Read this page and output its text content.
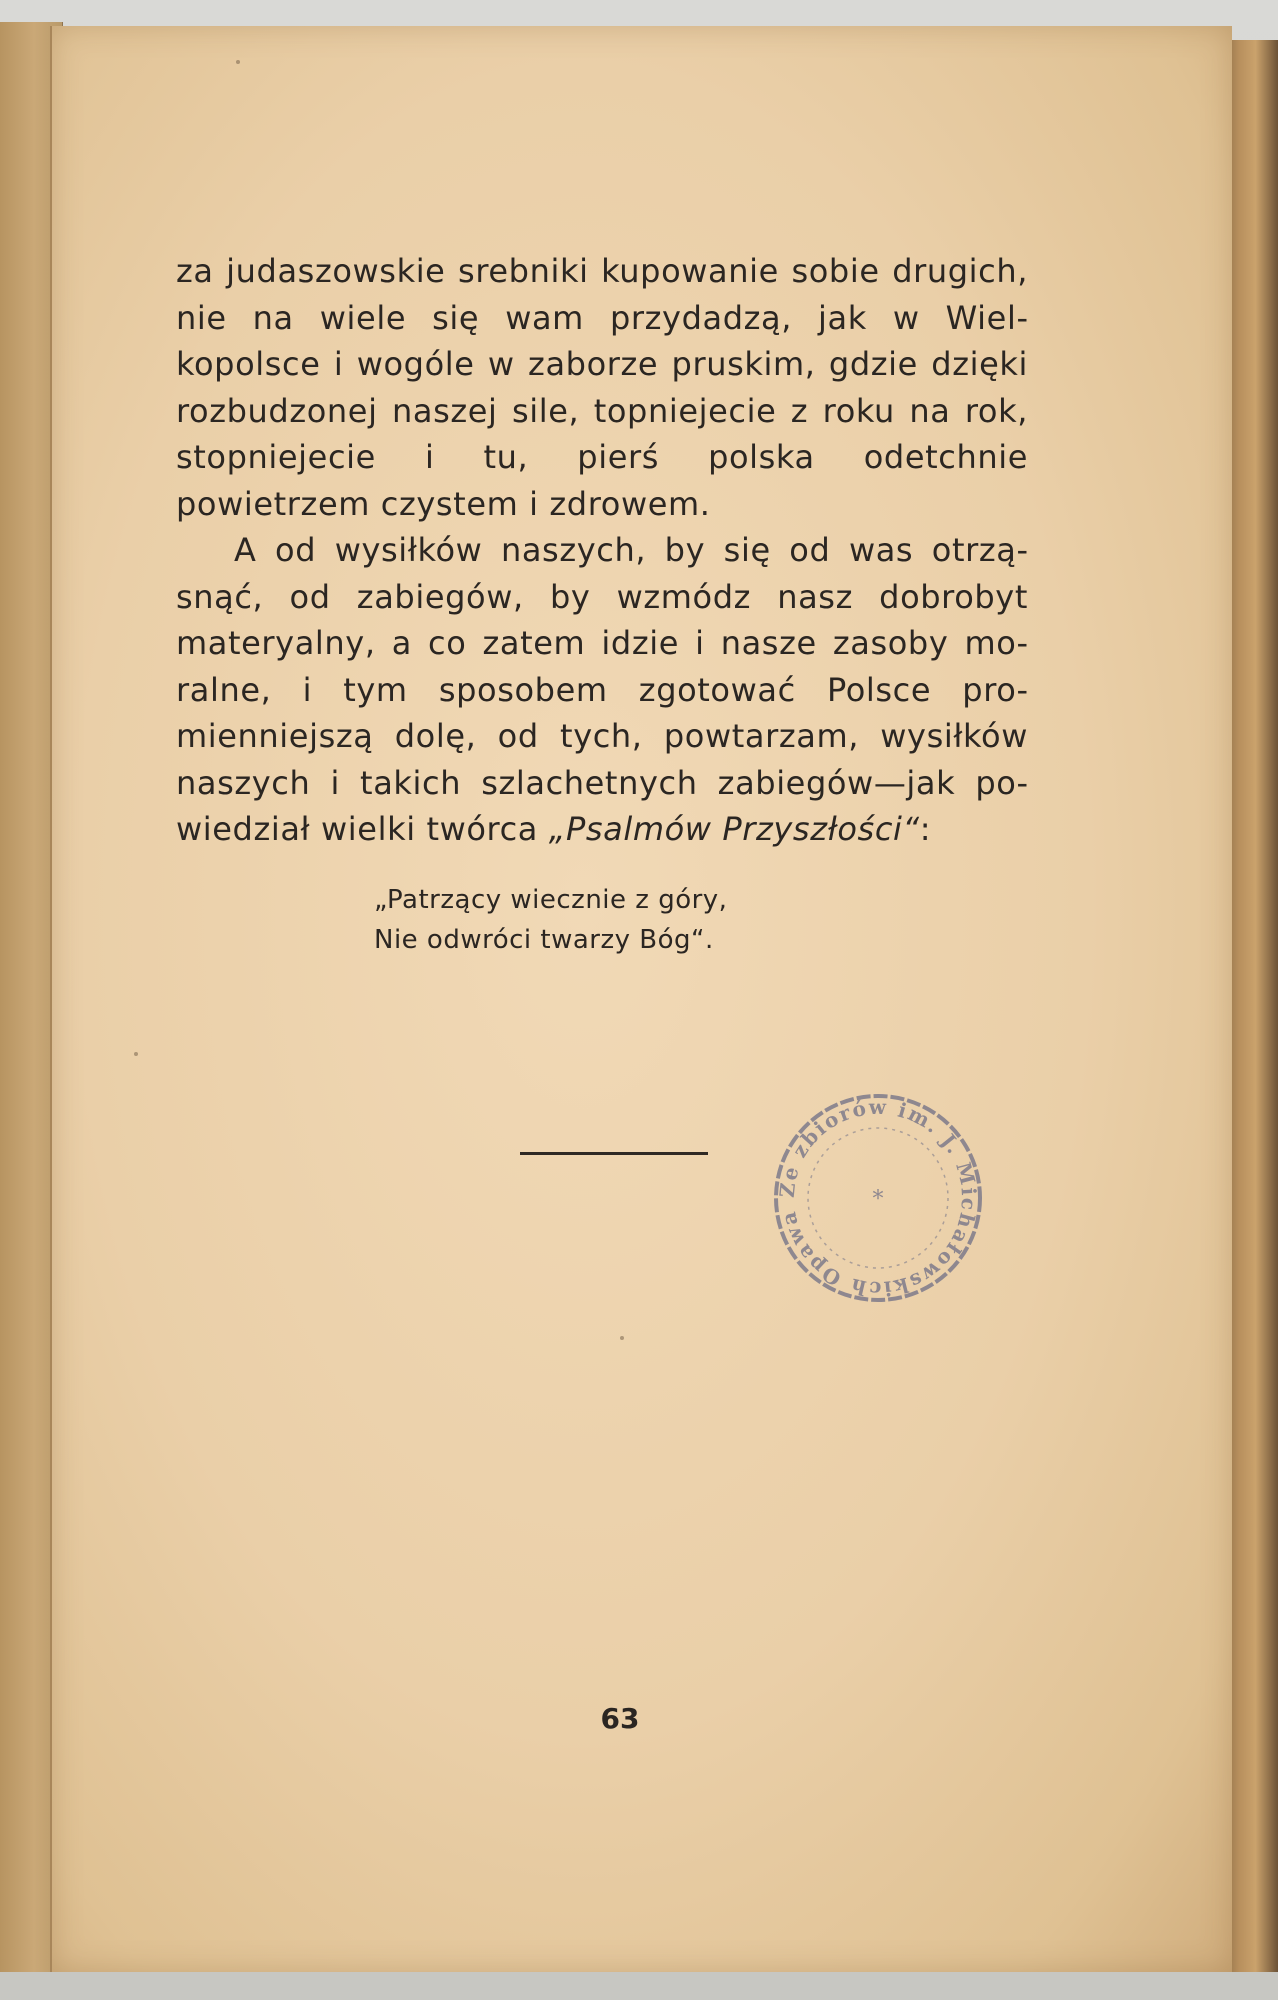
za judaszowskie srebniki kupowanie sobie drugich, nie na wiele się wam przydadzą, jak w Wielkopolsce i wogóle w zaborze pruskim, gdzie dzięki rozbudzonej naszej sile, topniejecie z roku na rok, stopniejecie i tu, pierś polska odetchnie powietrzem czystem i zdrowem.

A od wysiłków naszych, by się od was otrząsnąć, od zabiegów, by wzmódz nasz dobrobyt materyalny, a co zatem idzie i nasze zasoby moralne, i tym sposobem zgotować Polsce promienniejszą dolę, od tych, powtarzam, wysiłków naszych i takich szlachetnych zabiegów—jak powiedział wielki twórca „Psalmów Przyszłości“:

„Patrzący wiecznie z góry,
Nie odwróci twarzy Bóg“.
Ze zbiorów im. J. Michałowskich Opawa
*
63
